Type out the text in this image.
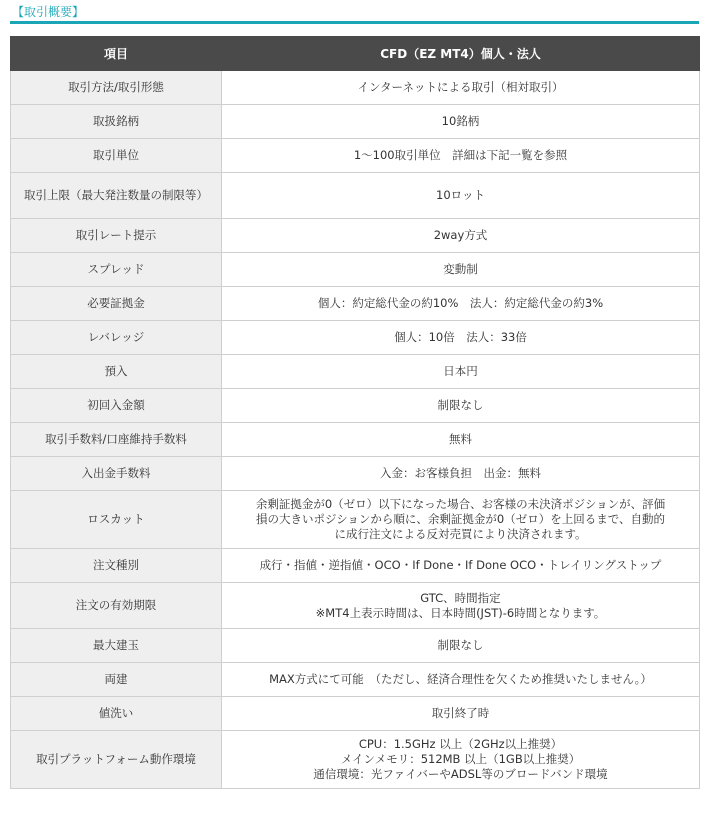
【取引概要】
項目	CFD（EZ MT4）個人・法人
取引方法/取引形態	インターネットによる取引（相対取引）

取扱銘柄	10銘柄

取引単位	1～100取引単位　詳細は下記一覧を参照

取引上限（最大発注数量の制限等）	10ロット

取引レート提示	2way方式

スプレッド	変動制

必要証拠金	個人：約定総代金の約10%　法人：約定総代金の約3%

レバレッジ	個人：10倍　法人：33倍

預入	日本円

初回入金額	制限なし

取引手数料/口座維持手数料	無料

入出金手数料	入金：お客様負担　出金：無料

ロスカット	余剰証拠金が0（ゼロ）以下になった場合、お客様の未決済ポジションが、評価
損の大きいポジションから順に、余剰証拠金が0（ゼロ）を上回るまで、自動的
に成行注文による反対売買により決済されます。

注文種別	成行・指値・逆指値・OCO・If Done・If Done OCO・トレイリングストップ

注文の有効期限	GTC、時間指定
※MT4上表示時間は、日本時間(JST)-6時間となります。

最大建玉	制限なし

両建	MAX方式にて可能　（ただし、経済合理性を欠くため推奨いたしません。）

値洗い	取引終了時

取引プラットフォーム動作環境	CPU：1.5GHz 以上（2GHz以上推奨）
メインメモリ：512MB 以上（1GB以上推奨）
通信環境：光ファイバーやADSL等のブロードバンド環境
